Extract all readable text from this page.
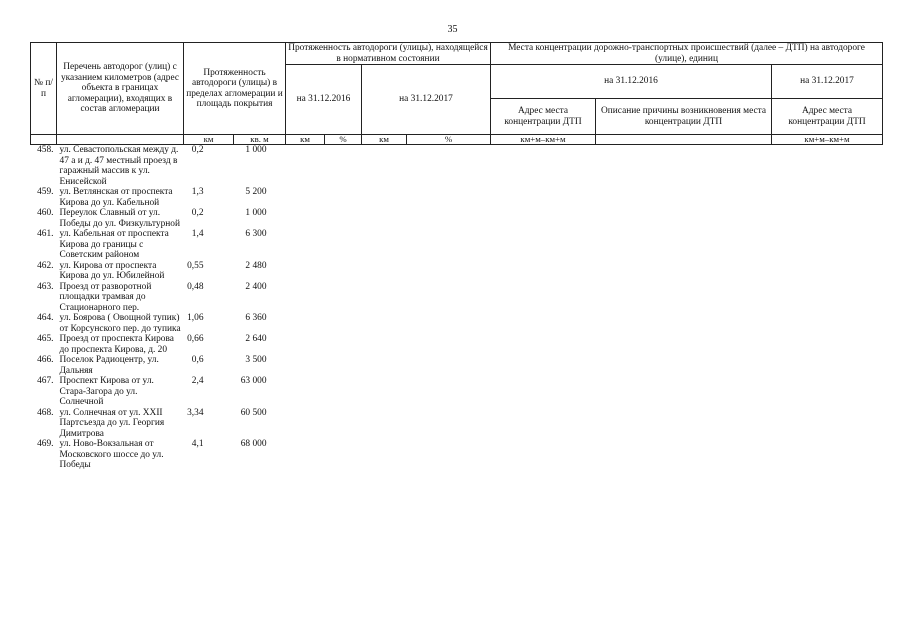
35
№ п/п	Перечень автодорог (улиц) с указанием километров (адрес объекта в границах агломерации), входящих в состав агломерации	Протяженность автодороги (улицы) в пределах агломерации и площадь покрытия		Протяженность автодороги (улицы), находящейся в нормативном состоянии				Места концентрации дорожно-транспортных происшествий (далее – ДТП) на автодороге (улице), единиц		
				на 31.12.2016		на 31.12.2017		на 31.12.2016		на 31.12.2017
								Адрес места концентрации ДТП	Описание причины возникновения места концентрации ДТП	Адрес места концентрации ДТП
		км	кв. м	км	%	км	%	км+м–км+м		км+м–км+м
458.	ул. Севастопольская между д. 47 а и д. 47 местный проезд в гаражный массив к ул. Енисейской	0,2	1 000							
459.	ул. Ветлянская от проспекта Кирова до ул. Кабельной	1,3	5 200							
460.	Переулок Славный от ул. Победы до ул. Физкультурной	0,2	1 000							
461.	ул. Кабельная от проспекта Кирова до границы с Советским районом	1,4	6 300							
462.	ул. Кирова от проспекта Кирова до ул. Юбилейной	0,55	2 480							
463.	Проезд от разворотной площадки трамвая до Стационарного пер.	0,48	2 400							
464.	ул. Боярова ( Овощной тупик) от Корсунского пер. до тупика	1,06	6 360							
465.	Проезд от проспекта Кирова до проспекта Кирова, д. 20	0,66	2 640							
466.	Поселок Радиоцентр, ул. Дальняя	0,6	3 500							
467.	Проспект Кирова от ул. Стара-Загора до ул. Солнечной	2,4	63 000							
468.	ул. Солнечная от ул. XXII Партсъезда до ул. Георгия Димитрова	3,34	60 500							
469.	ул. Ново-Вокзальная от Московского шоссе до ул. Победы	4,1	68 000							
